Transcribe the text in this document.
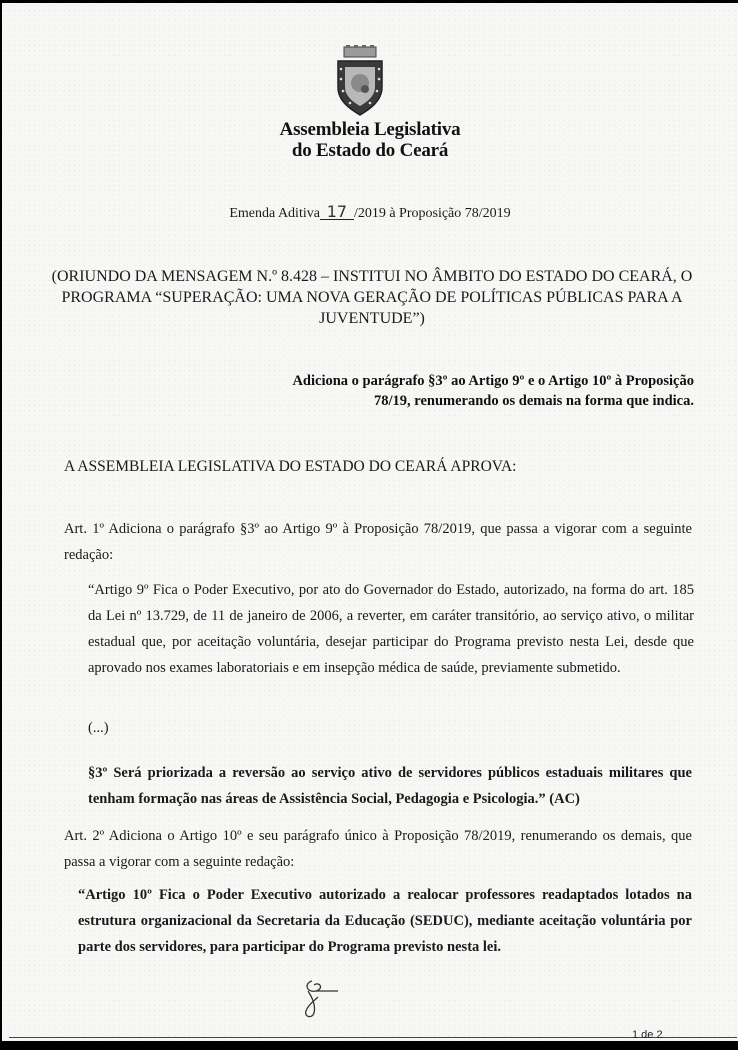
Assembleia Legislativa
do Estado do Ceará
Emenda Aditiva 17 /2019 à Proposição 78/2019
(ORIUNDO DA MENSAGEM N.º 8.428 – INSTITUI NO ÂMBITO DO ESTADO DO CEARÁ, O
PROGRAMA “SUPERAÇÃO: UMA NOVA GERAÇÃO DE POLÍTICAS PÚBLICAS PARA A
JUVENTUDE”)
Adiciona o parágrafo §3º ao Artigo 9º e o Artigo 10º à Proposição
78/19, renumerando os demais na forma que indica.
A ASSEMBLEIA LEGISLATIVA DO ESTADO DO CEARÁ APROVA:
Art. 1º Adiciona o parágrafo §3º ao Artigo 9º à Proposição 78/2019, que passa a vigorar com a seguinte redação:
“Artigo 9º Fica o Poder Executivo, por ato do Governador do Estado, autorizado, na forma do art. 185 da Lei nº 13.729, de 11 de janeiro de 2006, a reverter, em caráter transitório, ao serviço ativo, o militar estadual que, por aceitação voluntária, desejar participar do Programa previsto nesta Lei, desde que aprovado nos exames laboratoriais e em insepção médica de saúde, previamente submetido.
(...)
§3º Será priorizada a reversão ao serviço ativo de servidores públicos estaduais militares que tenham formação nas áreas de Assistência Social, Pedagogia e Psicologia.” (AC)
Art. 2º Adiciona o Artigo 10º e seu parágrafo único à Proposição 78/2019, renumerando os demais, que passa a vigorar com a seguinte redação:
“Artigo 10º Fica o Poder Executivo autorizado a realocar professores readaptados lotados na estrutura organizacional da Secretaria da Educação (SEDUC), mediante aceitação voluntária por parte dos servidores, para participar do Programa previsto nesta lei.
1 de 2
